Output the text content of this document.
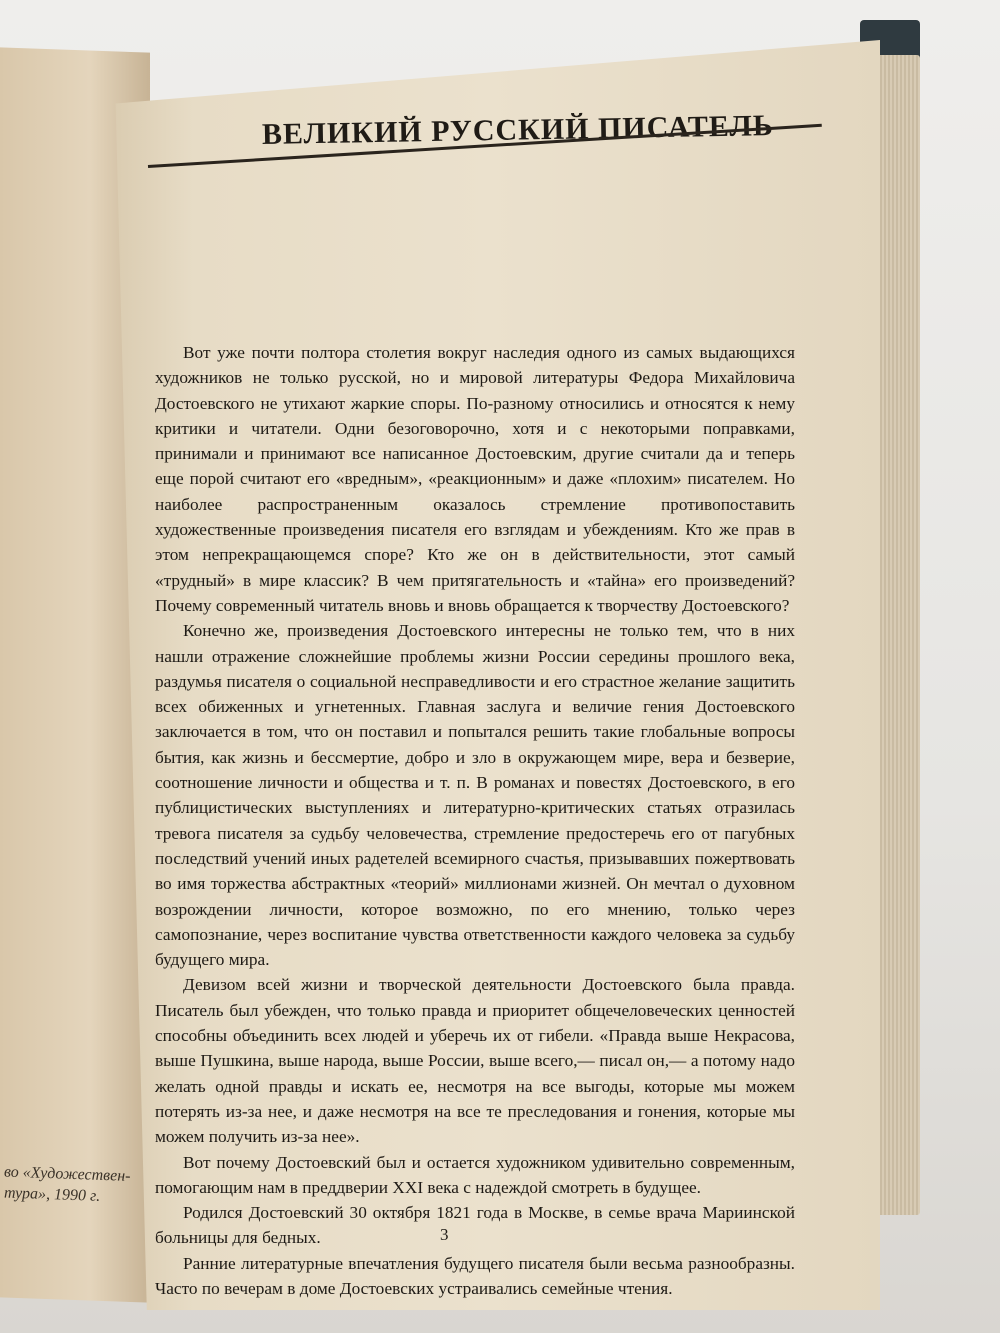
во «Художествен-тура», 1990 г.

ВЕЛИКИЙ РУССКИЙ ПИСАТЕЛЬ

Вот уже почти полтора столетия вокруг наследия одного из самых выдающихся художников не только русской, но и мировой литературы Федора Михайловича Достоевского не утихают жаркие споры. По-разному относились и относятся к нему критики и читатели. Одни безоговорочно, хотя и с некоторыми поправками, принимали и принимают все написанное Достоевским, другие считали да и теперь еще порой считают его «вредным», «реакционным» и даже «плохим» писателем. Но наиболее распространенным оказалось стремление противопоставить художественные произведения писателя его взглядам и убеждениям. Кто же прав в этом непрекращающемся споре? Кто же он в действительности, этот самый «трудный» в мире классик? В чем притягательность и «тайна» его произведений? Почему современный читатель вновь и вновь обращается к творчеству Достоевского?

Конечно же, произведения Достоевского интересны не только тем, что в них нашли отражение сложнейшие проблемы жизни России середины прошлого века, раздумья писателя о социальной несправедливости и его страстное желание защитить всех обиженных и угнетенных. Главная заслуга и величие гения Достоевского заключается в том, что он поставил и попытался решить такие глобальные вопросы бытия, как жизнь и бессмертие, добро и зло в окружающем мире, вера и безверие, соотношение личности и общества и т. п. В романах и повестях Достоевского, в его публицистических выступлениях и литературно-критических статьях отразилась тревога писателя за судьбу человечества, стремление предостеречь его от пагубных последствий учений иных радетелей всемирного счастья, призывавших пожертвовать во имя торжества абстрактных «теорий» миллионами жизней. Он мечтал о духовном возрождении личности, которое возможно, по его мнению, только через самопознание, через воспитание чувства ответственности каждого человека за судьбу будущего мира.

Девизом всей жизни и творческой деятельности Достоевского была правда. Писатель был убежден, что только правда и приоритет общечеловеческих ценностей способны объединить всех людей и уберечь их от гибели. «Правда выше Некрасова, выше Пушкина, выше народа, выше России, выше всего,— писал он,— а потому надо желать одной правды и искать ее, несмотря на все выгоды, которые мы можем потерять из-за нее, и даже несмотря на все те преследования и гонения, которые мы можем получить из-за нее».

Вот почему Достоевский был и остается художником удивительно современным, помогающим нам в преддверии XXI века с надеждой смотреть в будущее.

Родился Достоевский 30 октября 1821 года в Москве, в семье врача Мариинской больницы для бедных.

Ранние литературные впечатления будущего писателя были весьма разнообразны. Часто по вечерам в доме Достоевских устраивались семейные чтения.

3
